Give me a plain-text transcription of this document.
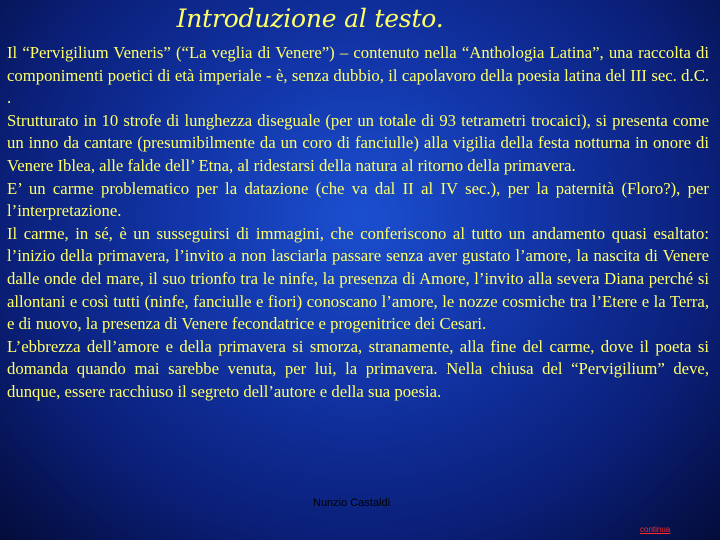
Introduzione al testo.

Il “Pervigilium Veneris” (“La veglia di Venere”) – contenuto nella “Anthologia Latina”, una raccolta di componimenti poetici di età imperiale - è, senza dubbio, il capolavoro della poesia latina del III sec. d.C. .

Strutturato in 10 strofe di lunghezza diseguale (per un totale di 93 tetrametri trocaici), si presenta come un inno da cantare (presumibilmente da un coro di fanciulle) alla vigilia della festa notturna in onore di Venere Iblea, alle falde dell’ Etna, al ridestarsi della natura al ritorno della primavera.

E’ un carme problematico per la datazione (che va dal II al IV sec.), per la paternità (Floro?), per l’interpretazione.

Il carme, in sé, è un susseguirsi di immagini, che conferiscono al tutto un andamento quasi esaltato: l’inizio della primavera, l’invito a non lasciarla passare senza aver gustato l’amore, la nascita di Venere dalle onde del mare, il suo trionfo tra le ninfe, la presenza di Amore, l’invito alla severa Diana perché si allontani e così tutti (ninfe, fanciulle e fiori) conoscano l’amore, le nozze cosmiche tra l’Etere e la Terra, e di nuovo, la presenza di Venere fecondatrice e progenitrice dei Cesari.

L’ebbrezza dell’amore e della primavera si smorza, stranamente, alla fine del carme, dove il poeta si domanda quando mai sarebbe venuta, per lui, la primavera. Nella chiusa del “Pervigilium” deve, dunque, essere racchiuso il segreto dell’autore e della sua poesia.

Nunzio Castaldi
continua
